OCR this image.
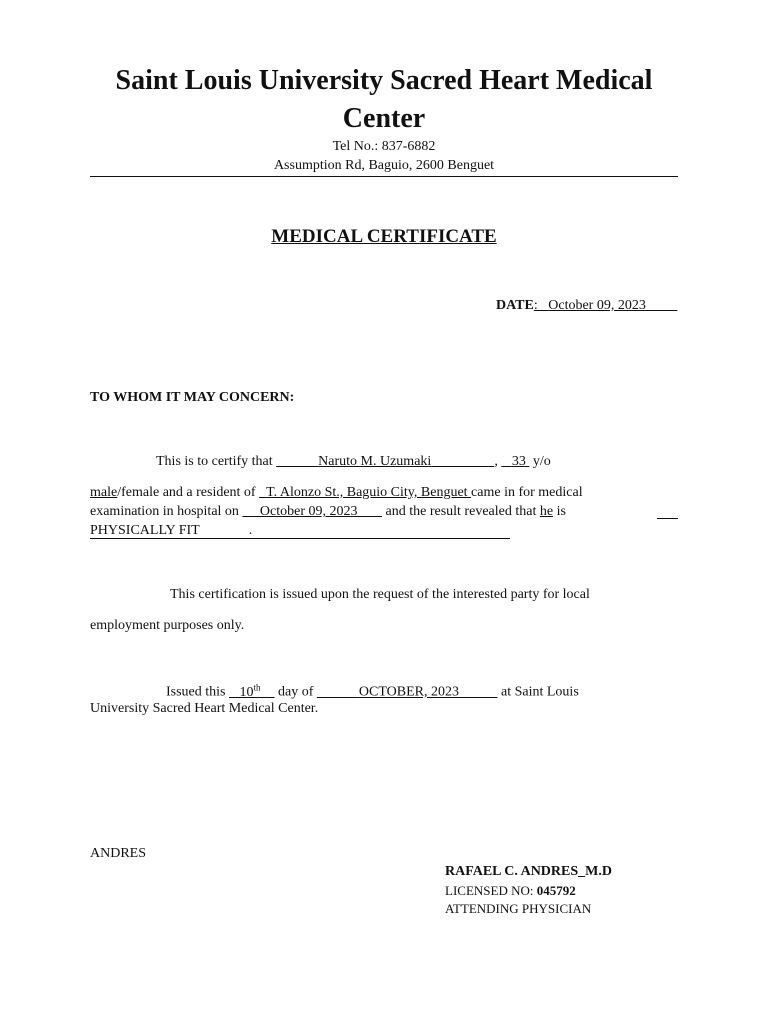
Saint Louis University Sacred Heart Medical Center
Tel No.: 837-6882
Assumption Rd, Baguio, 2600 Benguet
MEDICAL CERTIFICATE
DATE:   October 09, 2023
TO WHOM IT MAY CONCERN:
This is to certify that	Naruto M. Uzumaki	,    33 y/o
male/female and a resident of T. Alonzo St., Baguio City, Benguet came in for medical
examination in hospital on October 09, 2023 and the result revealed that he is
PHYSICALLY FIT              .
This certification is issued upon the request of the interested party for local
employment purposes only.
Issued this 10th day of	OCTOBER, 2023	at Saint Louis
University Sacred Heart Medical Center.
ANDRES
RAFAEL C. ANDRES_M.D
LICENSED NO: 045792
ATTENDING PHYSICIAN
